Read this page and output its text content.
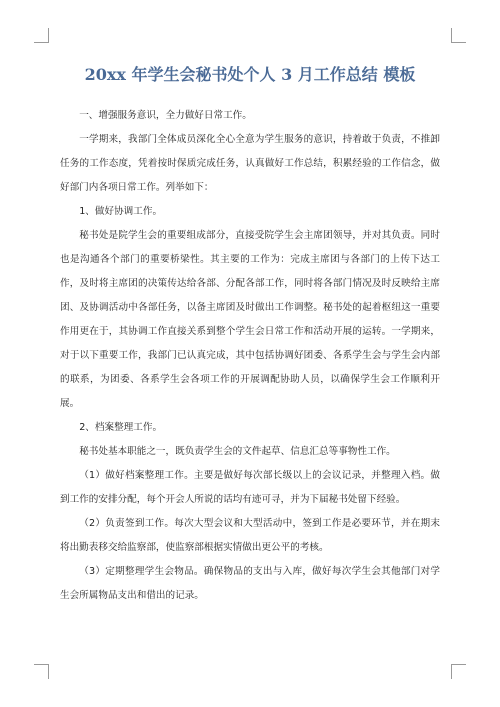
20xx 年学生会秘书处个人 3 月工作总结 模板

一、增强服务意识，全力做好日常工作。

一学期来，我部门全体成员深化全心全意为学生服务的意识，持着敢于负责，不推卸任务的工作态度，凭着按时保质完成任务，认真做好工作总结，积累经验的工作信念，做好部门内各项日常工作。列举如下：

1、做好协调工作。

秘书处是院学生会的重要组成部分，直接受院学生会主席团领导，并对其负责。同时也是沟通各个部门的重要桥梁性。其主要的工作为：完成主席团与各部门的上传下达工作，及时将主席团的决策传达给各部、分配各部工作，同时将各部门情况及时反映给主席团、及协调活动中各部任务，以备主席团及时做出工作调整。秘书处的起着枢纽这一重要作用更在于，其协调工作直接关系到整个学生会日常工作和活动开展的运转。一学期来，对于以下重要工作，我部门已认真完成，其中包括协调好团委、各系学生会与学生会内部的联系，为团委、各系学生会各项工作的开展调配协助人员，以确保学生会工作顺利开展。

2、档案整理工作。

秘书处基本职能之一，既负责学生会的文件起草、信息汇总等事物性工作。

（1）做好档案整理工作。主要是做好每次部长级以上的会议记录，并整理入档。做到工作的安排分配，每个开会人所说的话均有迹可寻，并为下届秘书处留下经验。

（2）负责签到工作。每次大型会议和大型活动中，签到工作是必要环节，并在期末将出勤表移交给监察部，使监察部根据实情做出更公平的考核。

（3）定期整理学生会物品。确保物品的支出与入库，做好每次学生会其他部门对学生会所属物品支出和借出的记录。
